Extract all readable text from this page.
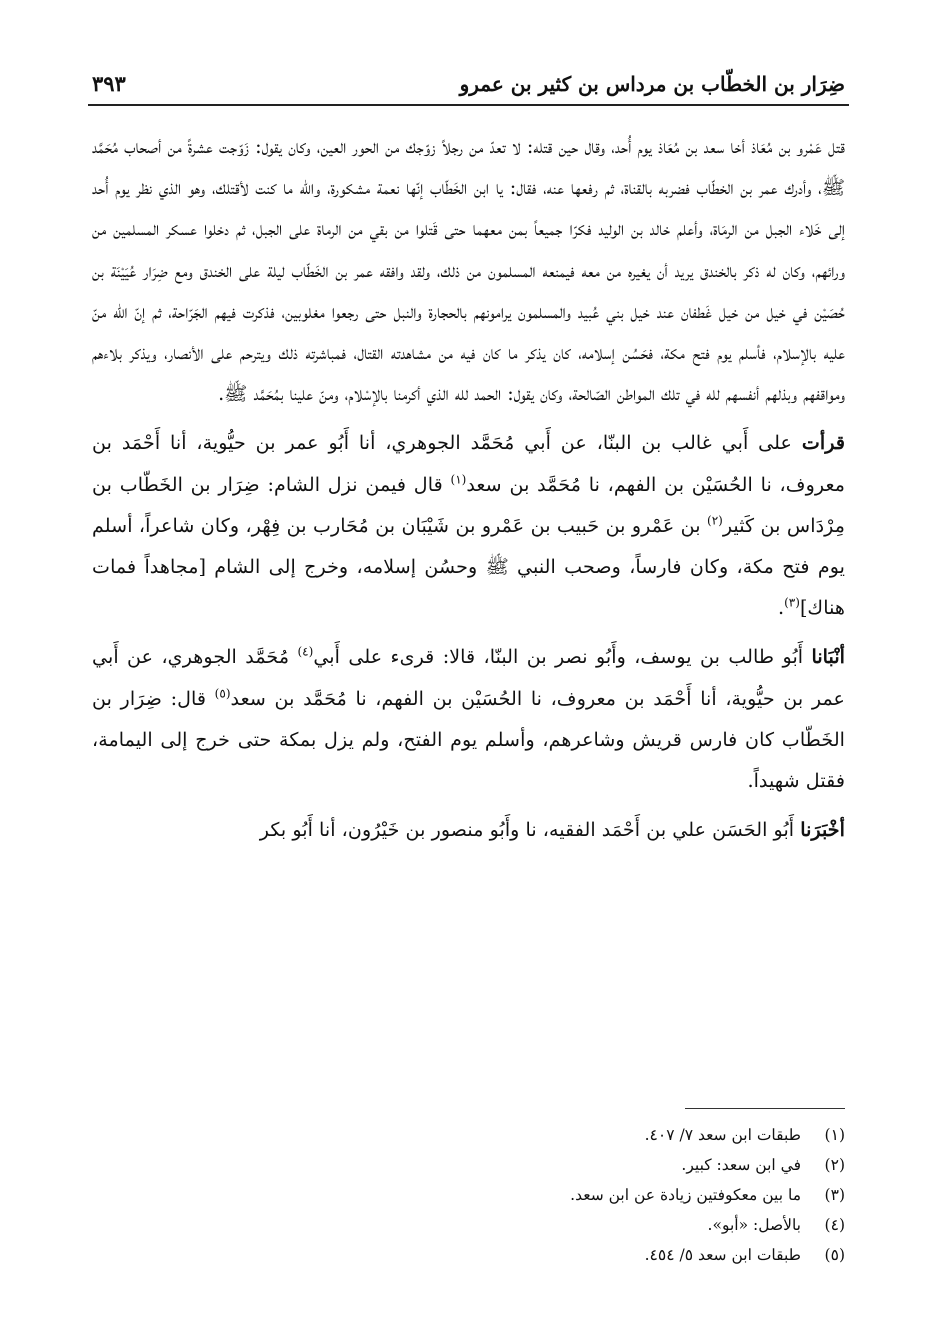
ضِرَار بن الخطّاب بن مرداس بن كثير بن عمرو
٣٩٣

قتل عَمْرو بن مُعَاذ أخا سعد بن مُعَاذ يوم أُحد، وقال حين قتله: لا تعدّ من رجلاً زوّجك من الحور العين، وكان يقول: زَوّجت عشرةً من أصحاب مُحَمَّد ﷺ، وأدرك عمر بن الخطّاب فضربه بالقناة، ثم رفعها عنه، فقال: يا ابن الخَطّاب إنّها نعمة مشكورة، والله ما كنت لأقتلك، وهو الذي نظر يوم أُحد إلى خَلاء الجبل من الرمَاة، وأعلم خالد بن الوليد فكرّا جميعاً بمن معهما حتى قَتلوا من بقي من الرماة على الجبل، ثم دخلوا عسكر المسلمين من ورائهم، وكان له ذكر بالخندق يريد أن يغيره من معه فيمنعه المسلمون من ذلك، ولقد وافقه عمر بن الخَطّاب ليلة على الخندق ومع ضِرَار عُيَيْنَة بن حُصَيْن في خيل من خيل غَطفان عند خيل بني عُبيد والمسلمون يرامونهم بالحجارة والنبل حتى رجعوا مغلوبين، فذكرت فيهم الجَرّاحة، ثم إنّ الله منّ عليه بالإسلام، فأسلم يوم فتح مكة، فحَسُن إسلامه، كان يذكر ما كان فيه من مشاهدته القتال، فمباشرته ذلك ويترحم على الأنصار، ويذكر بلاءهم ومواقفهم وبذلهم أنفسهم لله في تلك المواطن الصّالحة، وكان يقول: الحمد لله الذي أكرمنا بالإسْلام، ومنّ علينا بمُحَمَّد ﷺ.

قرأت على أَبي غالب بن البنّا، عن أَبي مُحَمَّد الجوهري، أنا أَبُو عمر بن حيُّوية، أنا أَحْمَد بن معروف، نا الحُسَيْن بن الفهم، نا مُحَمَّد بن سعد$^{(١)}$ قال فيمن نزل الشام: ضِرَار بن الخَطّاب بن مِرْدَاس بن كَثير$^{(٢)}$ بن عَمْرو بن حَبيب بن عَمْرو بن شَيْبَان بن مُحَارب بن فِهْر، وكان شاعراً، أسلم يوم فتح مكة، وكان فارساً، وصحب النبي ﷺ وحسُن إسلامه، وخرج إلى الشام [مجاهداً فمات هناك]$^{(٣)}$.

أنْبَانا أَبُو طالب بن يوسف، وأَبُو نصر بن البنّا، قالا: قرىء على أَبي$^{(٤)}$ مُحَمَّد الجوهري، عن أَبي عمر بن حيُّوية، أنا أَحْمَد بن معروف، نا الحُسَيْن بن الفهم، نا مُحَمَّد بن سعد$^{(٥)}$ قال: ضِرَار بن الخَطّاب كان فارس قريش وشاعرهم، وأسلم يوم الفتح، ولم يزل بمكة حتى خرج إلى اليمامة، فقتل شهيداً.

أخْبَرَنا أَبُو الحَسَن علي بن أَحْمَد الفقيه، نا وأَبُو منصور بن خَيْرُون، أنا أَبُو بكر

(١)
طبقات ابن سعد ٧/ ٤٠٧.
(٢)
في ابن سعد: كبير.
(٣)
ما بين معكوفتين زيادة عن ابن سعد.
(٤)
بالأصل: «أبو».
(٥)
طبقات ابن سعد ٥/ ٤٥٤.
